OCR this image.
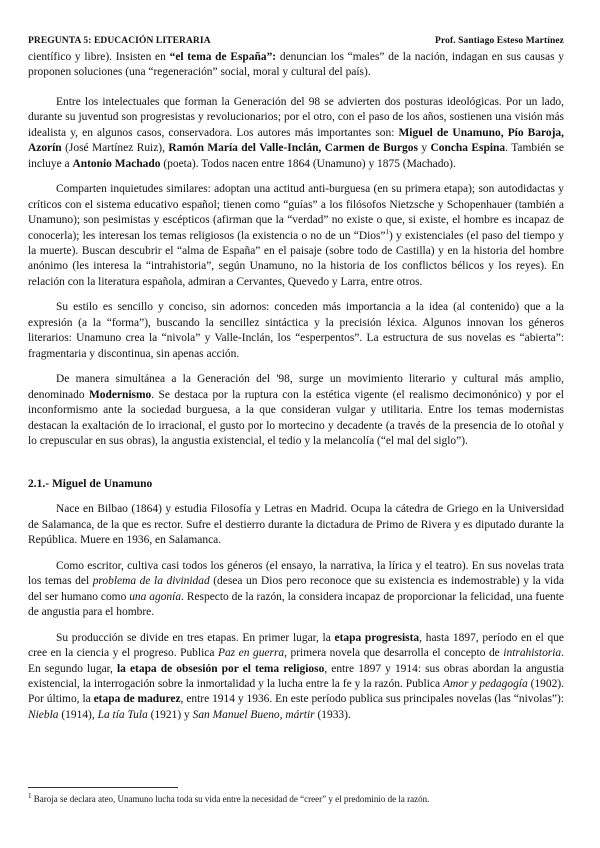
PREGUNTA 5: EDUCACIÓN LITERARIA	Prof. Santiago Esteso Martínez

científico y libre). Insisten en “el tema de España”: denuncian los “males” de la nación, indagan en sus causas y proponen soluciones (una “regeneración” social, moral y cultural del país).

Entre los intelectuales que forman la Generación del 98 se advierten dos posturas ideológicas. Por un lado, durante su juventud son progresistas y revolucionarios; por el otro, con el paso de los años, sostienen una visión más idealista y, en algunos casos, conservadora. Los autores más importantes son: Miguel de Unamuno, Pío Baroja, Azorín (José Martínez Ruiz), Ramón María del Valle-Inclán, Carmen de Burgos y Concha Espina. También se incluye a Antonio Machado (poeta). Todos nacen entre 1864 (Unamuno) y 1875 (Machado).

Comparten inquietudes similares: adoptan una actitud anti-burguesa (en su primera etapa); son autodidactas y críticos con el sistema educativo español; tienen como “guías” a los filósofos Nietzsche y Schopenhauer (también a Unamuno); son pesimistas y escépticos (afirman que la “verdad” no existe o que, si existe, el hombre es incapaz de conocerla); les interesan los temas religiosos (la existencia o no de un “Dios”$^1$) y existenciales (el paso del tiempo y la muerte). Buscan descubrir el “alma de España” en el paisaje (sobre todo de Castilla) y en la historia del hombre anónimo (les interesa la “intrahistoria”, según Unamuno, no la historia de los conflictos bélicos y los reyes). En relación con la literatura española, admiran a Cervantes, Quevedo y Larra, entre otros.

Su estilo es sencillo y conciso, sin adornos: conceden más importancia a la idea (al contenido) que a la expresión (a la “forma”), buscando la sencillez sintáctica y la precisión léxica. Algunos innovan los géneros literarios: Unamuno crea la “nivola” y Valle-Inclán, los “esperpentos”. La estructura de sus novelas es “abierta”: fragmentaria y discontinua, sin apenas acción.

De manera simultánea a la Generación del '98, surge un movimiento literario y cultural más amplio, denominado Modernismo. Se destaca por la ruptura con la estética vigente (el realismo decimonónico) y por el inconformismo ante la sociedad burguesa, a la que consideran vulgar y utilitaria. Entre los temas modernistas destacan la exaltación de lo irracional, el gusto por lo mortecino y decadente (a través de la presencia de lo otoñal y lo crepuscular en sus obras), la angustia existencial, el tedio y la melancolía (“el mal del siglo”).

2.1.- Miguel de Unamuno

Nace en Bilbao (1864) y estudia Filosofía y Letras en Madrid. Ocupa la cátedra de Griego en la Universidad de Salamanca, de la que es rector. Sufre el destierro durante la dictadura de Primo de Rivera y es diputado durante la República. Muere en 1936, en Salamanca.

Como escritor, cultiva casi todos los géneros (el ensayo, la narrativa, la lírica y el teatro). En sus novelas trata los temas del problema de la divinidad (desea un Dios pero reconoce que su existencia es indemostrable) y la vida del ser humano como una agonía. Respecto de la razón, la considera incapaz de proporcionar la felicidad, una fuente de angustia para el hombre.

Su producción se divide en tres etapas. En primer lugar, la etapa progresista, hasta 1897, período en el que cree en la ciencia y el progreso. Publica Paz en guerra, primera novela que desarrolla el concepto de intrahistoria. En segundo lugar, la etapa de obsesión por el tema religioso, entre 1897 y 1914: sus obras abordan la angustia existencial, la interrogación sobre la inmortalidad y la lucha entre la fe y la razón. Publica Amor y pedagogía (1902). Por último, la etapa de madurez, entre 1914 y 1936. En este período publica sus principales novelas (las “nivolas”): Niebla (1914), La tía Tula (1921) y San Manuel Bueno, mártir (1933).

$^1$ Baroja se declara ateo, Unamuno lucha toda su vida entre la necesidad de “creer” y el predominio de la razón.
